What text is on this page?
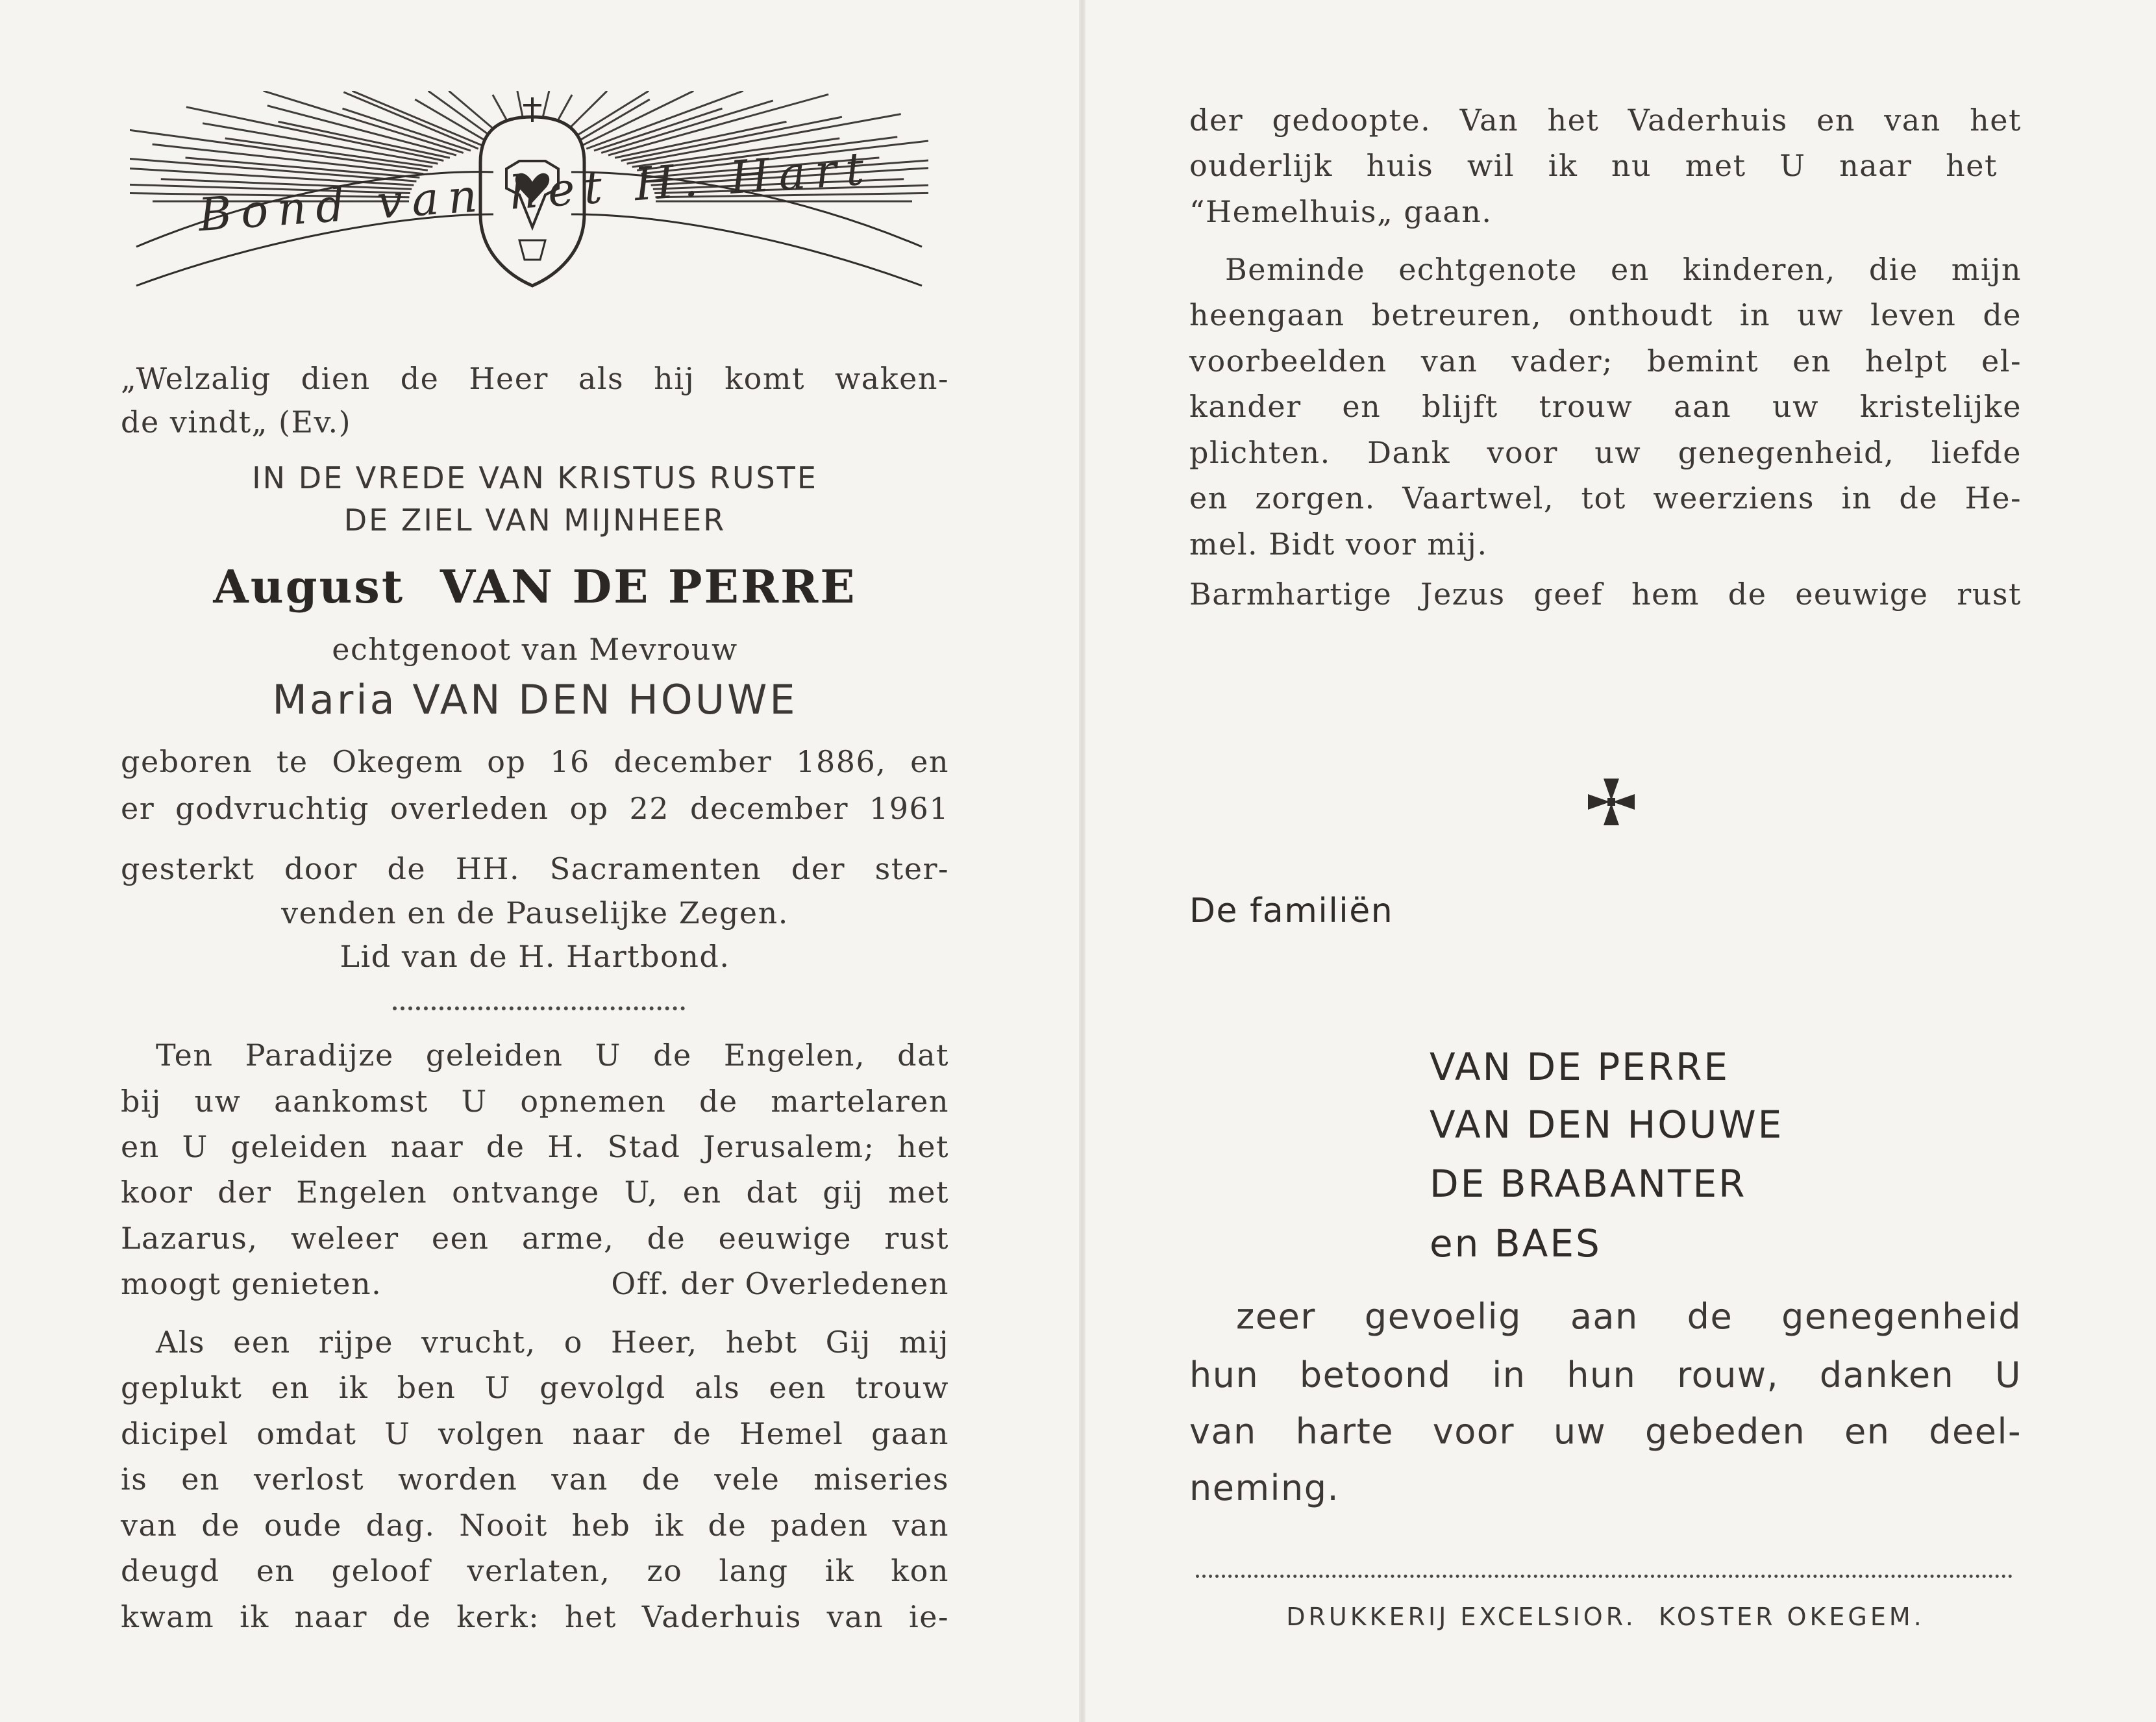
Bond van het H. Hart
„Welzalig dien de Heer als hij komt waken-
de vindt„ (Ev.)
IN DE VREDE VAN KRISTUS RUSTE
DE ZIEL VAN MIJNHEER
August  VAN DE PERRE
echtgenoot van Mevrouw
Maria VAN DEN HOUWE
geboren te Okegem op 16 december 1886, en
er godvruchtig overleden op 22 december 1961
gesterkt door de HH. Sacramenten der ster-
venden en de Pauselijke Zegen.
Lid van de H. Hartbond.
Ten Paradijze geleiden U de Engelen, dat
bij uw aankomst U opnemen de martelaren
en U geleiden naar de H. Stad Jerusalem; het
koor der Engelen ontvange U, en dat gij met
Lazarus, weleer een arme, de eeuwige rust
moogt genieten.	Off. der Overledenen
Als een rijpe vrucht, o Heer, hebt Gij mij
geplukt en ik ben U gevolgd als een trouw
dicipel omdat U volgen naar de Hemel gaan
is en verlost worden van de vele miseries
van de oude dag. Nooit heb ik de paden van
deugd en geloof verlaten, zo lang ik kon
kwam ik naar de kerk: het Vaderhuis van ie-
der gedoopte. Van het Vaderhuis en van het
ouderlijk huis wil ik nu met U naar het
“Hemelhuis„ gaan.
Beminde echtgenote en kinderen, die mijn
heengaan betreuren, onthoudt in uw leven de
voorbeelden van vader; bemint en helpt el-
kander en blijft trouw aan uw kristelijke
plichten. Dank voor uw genegenheid, liefde
en zorgen. Vaartwel, tot weerziens in de He-
mel. Bidt voor mij.
Barmhartige Jezus geef hem de eeuwige rust
De familiën
VAN DE PERRE
VAN DEN HOUWE
DE BRABANTER
en BAES
zeer gevoelig aan de genegenheid
hun betoond in hun rouw, danken U
van harte voor uw gebeden en deel-
neming.
DRUKKERIJ EXCELSIOR.  KOSTER OKEGEM.
